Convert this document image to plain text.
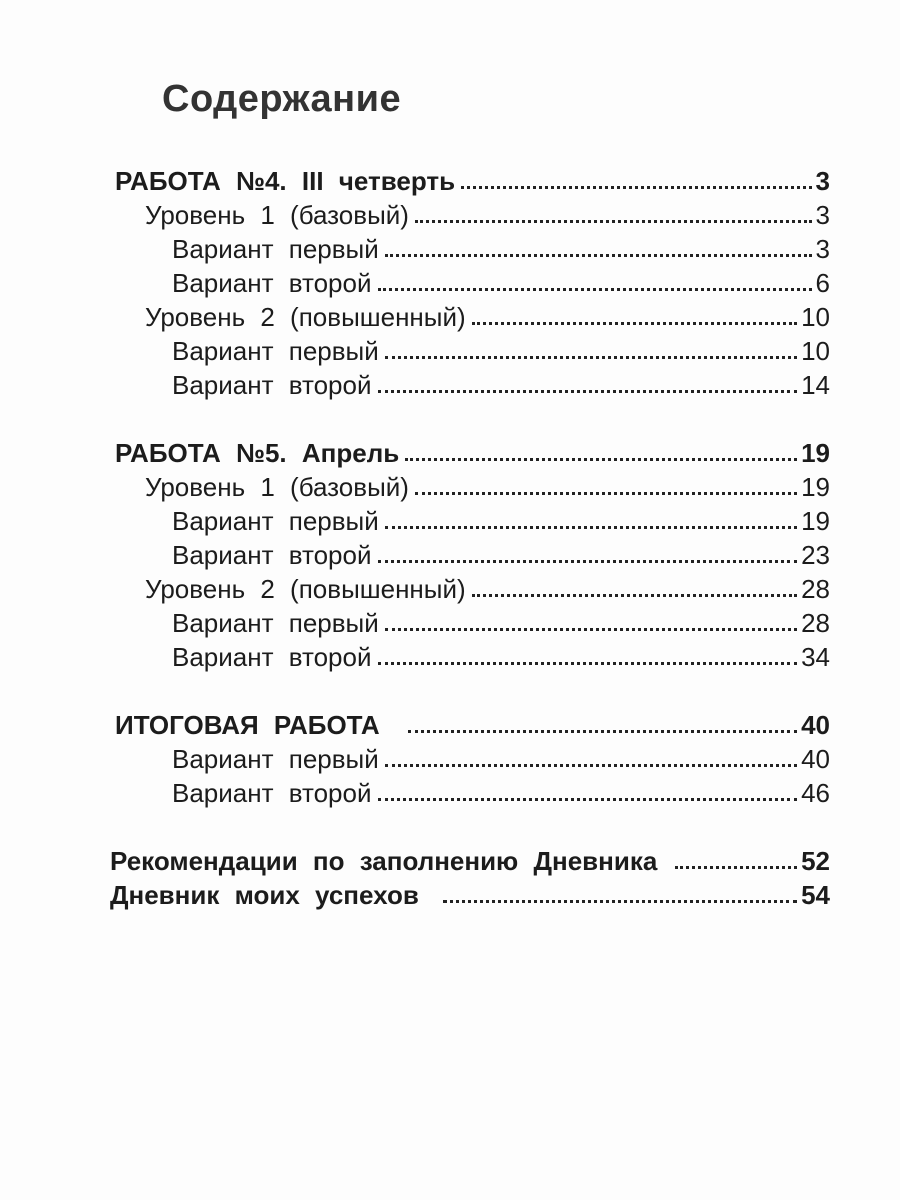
Содержание
РАБОТА №4. III четверть	3
Уровень 1 (базовый)	3
Вариант первый	3
Вариант второй	6
Уровень 2 (повышенный)	10
Вариант первый	10
Вариант второй	14
РАБОТА №5. Апрель	19
Уровень 1 (базовый)	19
Вариант первый	19
Вариант второй	23
Уровень 2 (повышенный)	28
Вариант первый	28
Вариант второй	34
ИТОГОВАЯ РАБОТА	40
Вариант первый	40
Вариант второй	46
Рекомендации по заполнению Дневника	52
Дневник моих успехов	54
